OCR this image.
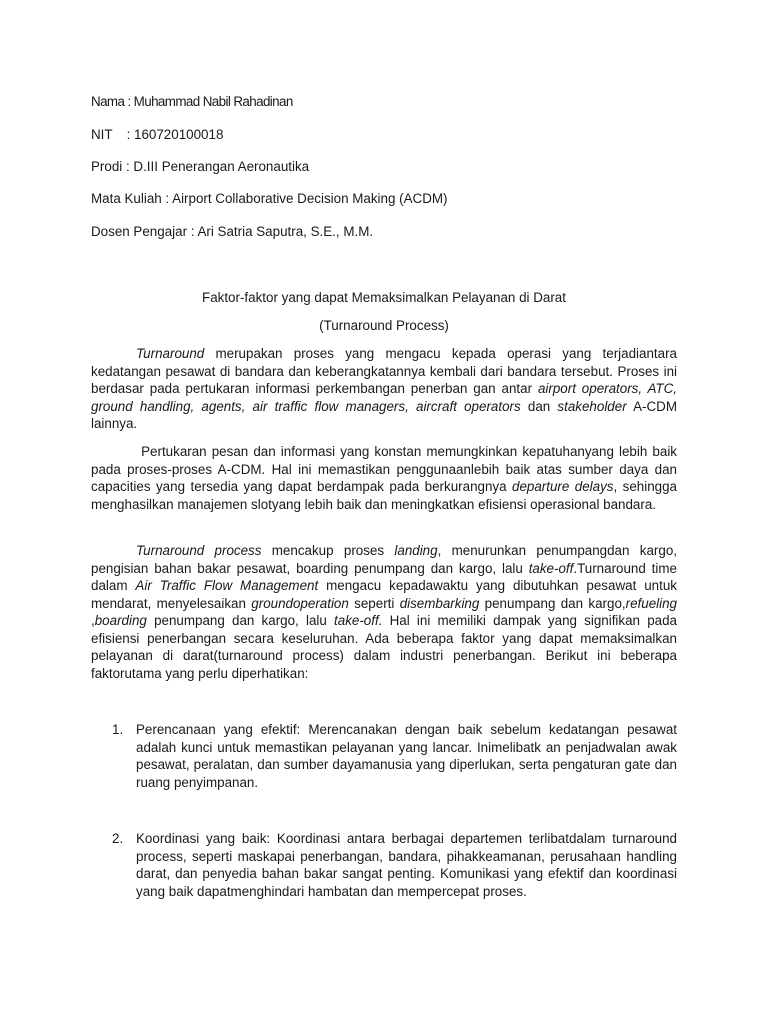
Nama : Muhammad Nabil Rahadinan
NIT : 160720100018
Prodi : D.III Penerangan Aeronautika
Mata Kuliah : Airport Collaborative Decision Making (ACDM)
Dosen Pengajar : Ari Satria Saputra, S.E., M.M.
Faktor-faktor yang dapat Memaksimalkan Pelayanan di Darat
(Turnaround Process)

Turnaround merupakan proses yang mengacu kepada operasi yang terjadiantara kedatangan pesawat di bandara dan keberangkatannya kembali dari bandara tersebut. Proses ini berdasar pada pertukaran informasi perkembangan penerban gan antar airport operators, ATC, ground handling, agents, air traffic flow managers, aircraft operators dan stakeholder A-CDM lainnya.

Pertukaran pesan dan informasi yang konstan memungkinkan kepatuhanyang lebih baik pada proses-proses A-CDM. Hal ini memastikan penggunaanlebih baik atas sumber daya dan capacities yang tersedia yang dapat berdampak pada berkurangnya departure delays, sehingga menghasilkan manajemen slotyang lebih baik dan meningkatkan efisiensi operasional bandara.

Turnaround process mencakup proses landing, menurunkan penumpangdan kargo, pengisian bahan bakar pesawat, boarding penumpang dan kargo, lalu take-off.Turnaround time dalam Air Traffic Flow Management mengacu kepadawaktu yang dibutuhkan pesawat untuk mendarat, menyelesaikan groundoperation seperti disembarking penumpang dan kargo,refueling ,boarding penumpang dan kargo, lalu take-off. Hal ini memiliki dampak yang signifikan pada efisiensi penerbangan secara keseluruhan. Ada beberapa faktor yang dapat memaksimalkan pelayanan di darat(turnaround process) dalam industri penerbangan. Berikut ini beberapa faktorutama yang perlu diperhatikan:

1. Perencanaan yang efektif: Merencanakan dengan baik sebelum kedatangan pesawat adalah kunci untuk memastikan pelayanan yang lancar. Inimelibatk an penjadwalan awak pesawat, peralatan, dan sumber dayamanusia yang diperlukan, serta pengaturan gate dan ruang penyimpanan.
2. Koordinasi yang baik: Koordinasi antara berbagai departemen terlibatdalam turnaround process, seperti maskapai penerbangan, bandara, pihakkeamanan, perusahaan handling darat, dan penyedia bahan bakar sangat penting. Komunikasi yang efektif dan koordinasi yang baik dapatmenghindari hambatan dan mempercepat proses.
